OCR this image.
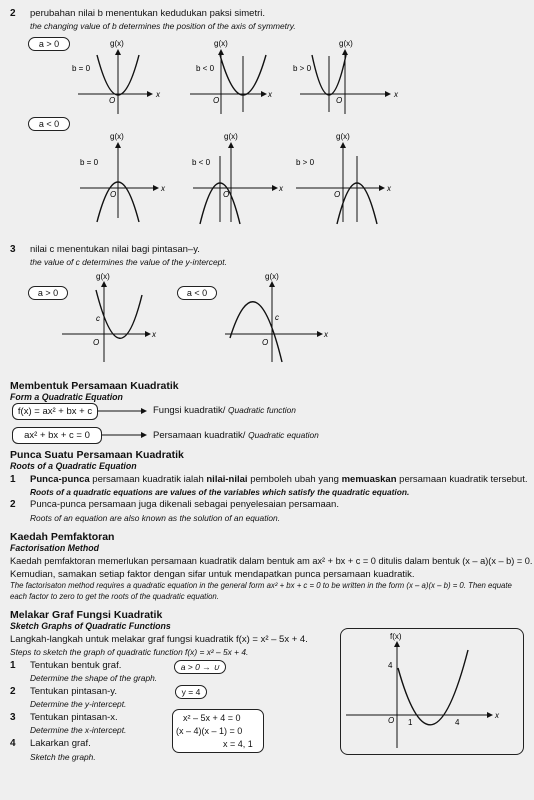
2 perubahan nilai b menentukan kedudukan paksi simetri.
the changing value of b determines the position of the axis of symmetry.
a > 0
a < 0
g(x)
x
O
b = 0
g(x)
x
O
b < 0
g(x)
x
O
b > 0
g(x)
x
O
b = 0
g(x)
x
O
b < 0
g(x)
x
O
b > 0
g(x)
x
O
c
g(x)
x
O
c
f(x)
x
O
4
1	4
3 nilai c menentukan nilai bagi pintasan–y.
the value of c determines the value of the y-intercept.
a > 0	a < 0
Membentuk Persamaan Kuadratik
Form a Quadratic Equation
f(x) = ax² + bx + c	Fungsi kuadratik/ Quadratic function
ax² + bx + c = 0	Persamaan kuadratik/ Quadratic equation
Punca Suatu Persamaan Kuadratik
Roots of a Quadratic Equation
1 Punca-punca persamaan kuadratik ialah nilai-nilai pemboleh ubah yang memuaskan persamaan kuadratik tersebut.
Roots of a quadratic equations are values of the variables which satisfy the quadratic equation.
2 Punca-punca persamaan juga dikenali sebagai penyelesaian persamaan.
Roots of an equation are also known as the solution of an equation.
Kaedah Pemfaktoran
Factorisation Method
Kaedah pemfaktoran memerlukan persamaan kuadratik dalam bentuk am ax² + bx + c = 0 ditulis dalam bentuk (x – a)(x – b) = 0.
Kemudian, samakan setiap faktor dengan sifar untuk mendapatkan punca persamaan kuadratik.
The factorisaton method requires a quadratic equation in the general form ax² + bx + c = 0 to be written in the form (x – a)(x – b) = 0. Then equate
each factor to zero to get the roots of the quadratic equation.
Melakar Graf Fungsi Kuadratik
Sketch Graphs of Quadratic Functions
Langkah-langkah untuk melakar graf fungsi kuadratik f(x) = x² – 5x + 4.
Steps to sketch the graph of quadratic function f(x) = x² – 5x + 4.
1 Tentukan bentuk graf.
Determine the shape of the graph.
a > 0 → ∪
2 Tentukan pintasan-y.
Determine the y-intercept.
y = 4
3 Tentukan pintasan-x.
Determine the x-intercept.
x² – 5x + 4 = 0
(x – 4)(x – 1) = 0
x = 4, 1
4 Lakarkan graf.
Sketch the graph.
